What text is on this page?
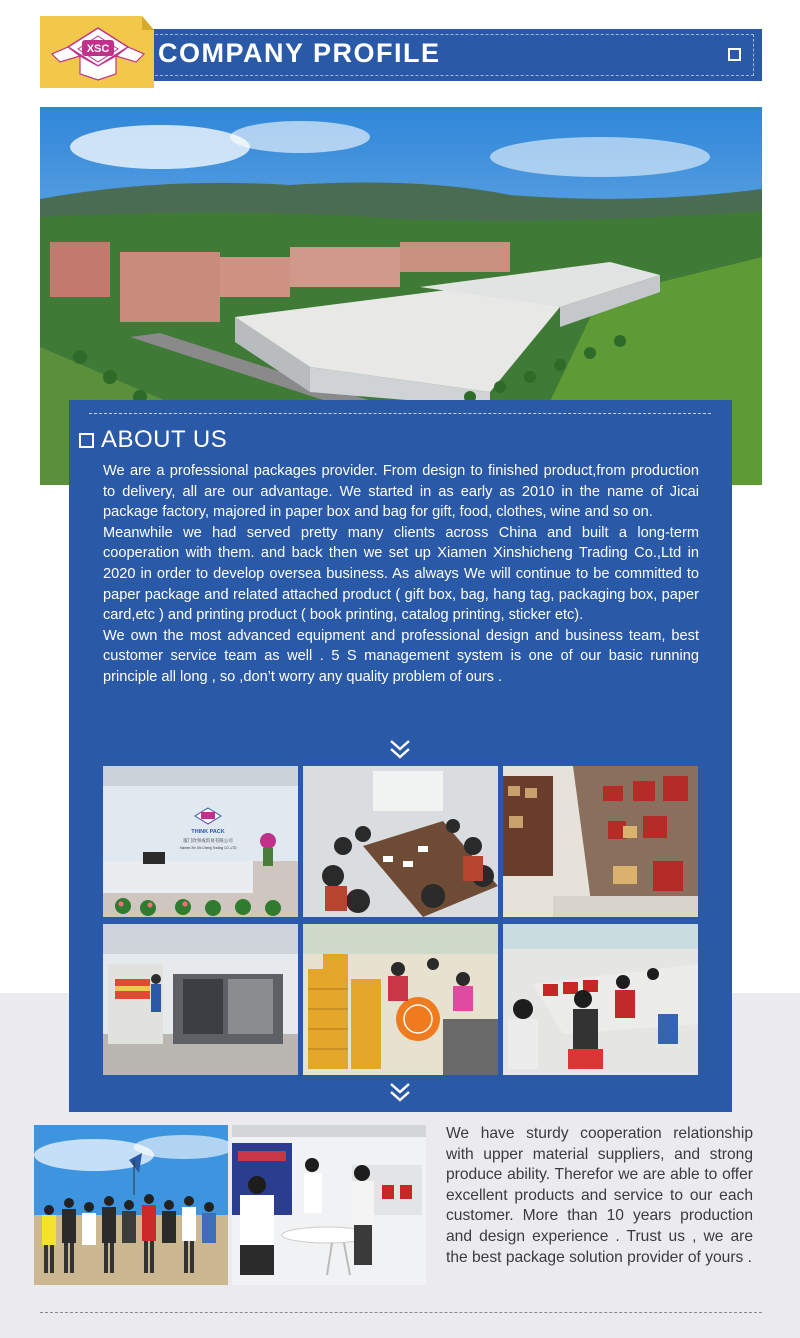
COMPANY PROFILE
XSC
ABOUT US

We are a professional packages provider. From design to finished product,from production to delivery, all are our advantage. We started in as early as 2010 in the name of Jicai package factory, majored in paper box and bag for gift, food, clothes, wine and so on.

Meanwhile we had served pretty many clients across China and built a long-term cooperation with them. and back then we set up Xiamen Xinshicheng Trading Co.,Ltd in 2020 in order to develop oversea business. As always We will continue to be committed to paper package and related attached product ( gift box, bag, hang tag, packaging box, paper card,etc ) and printing product ( book printing, catalog printing, sticker etc).

We own the most advanced equipment and professional design and business team, best customer service team as well . 5 S management system is one of our basic running principle all long , so ,don’t worry any quality problem of ours .

THINK PACK
厦门欣事成贸易有限公司
Xiamen Xin Shi Cheng Trading CO.,LTD
We have sturdy cooperation relationship with upper material suppliers, and strong produce ability. Therefor we are able to offer excellent products and service to our each customer. More than 10 years production and design experience . Trust us , we are the best package solution provider of yours .
